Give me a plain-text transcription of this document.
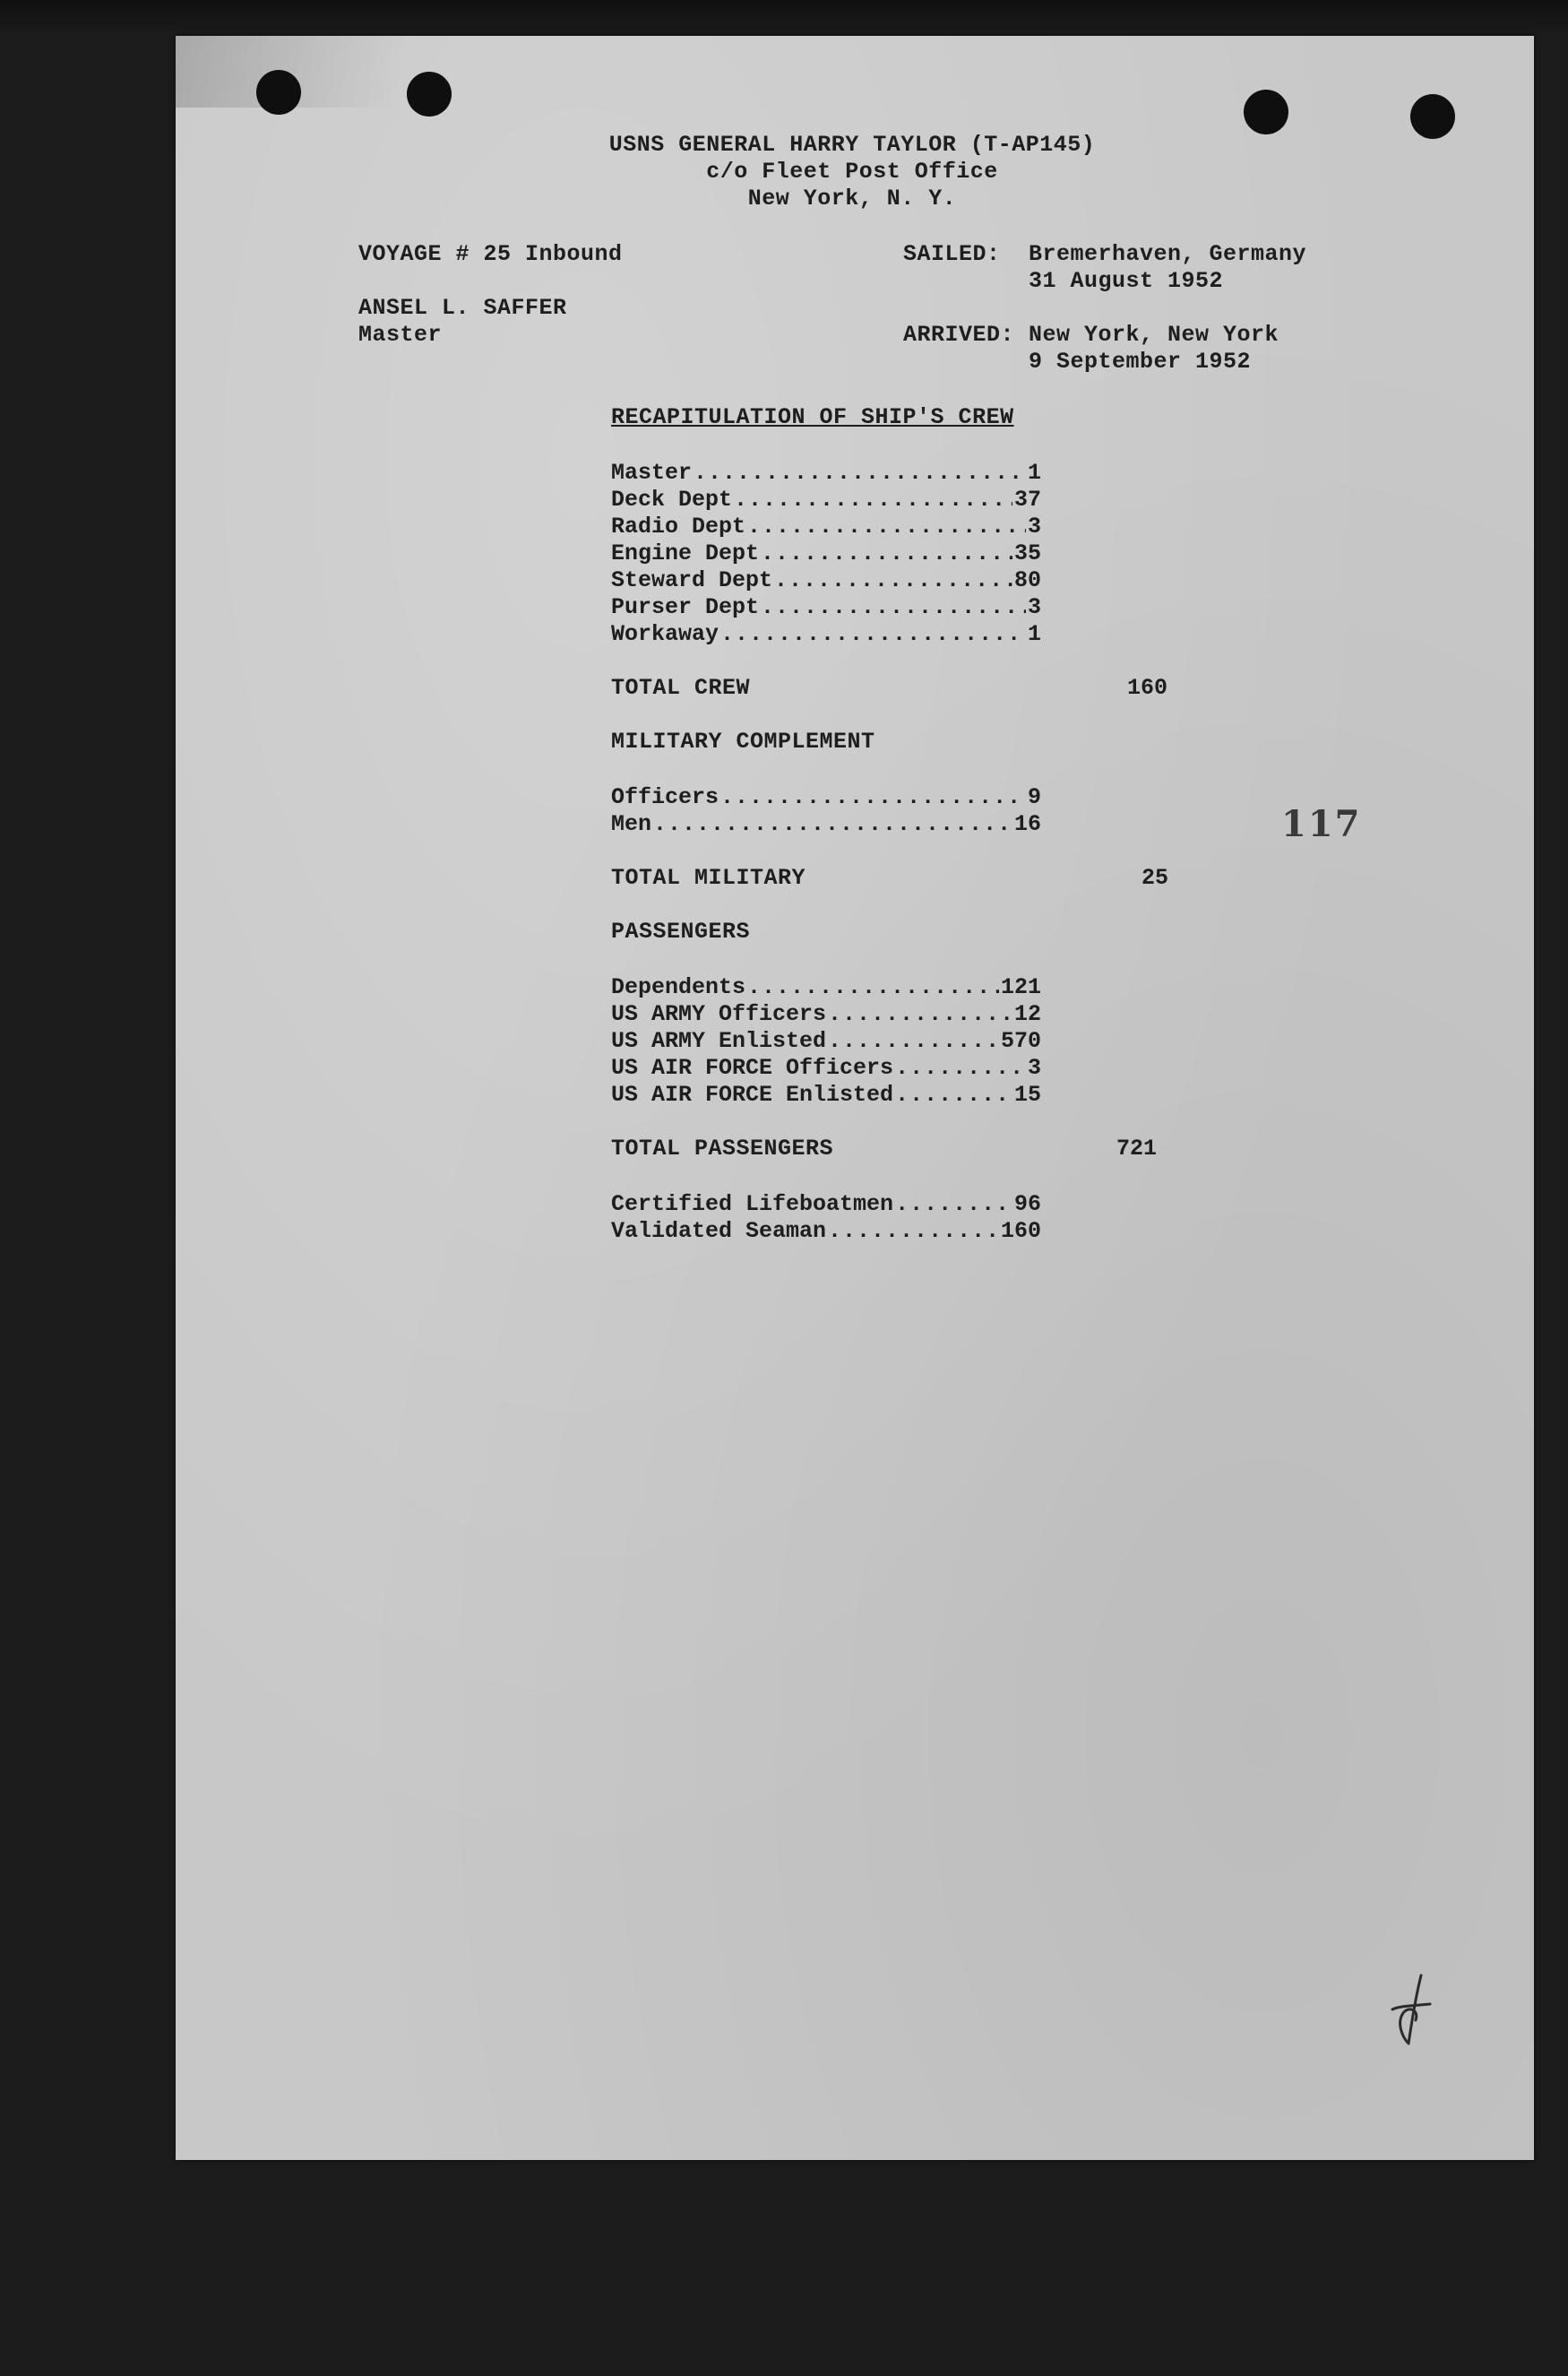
USNS GENERAL HARRY TAYLOR (T-AP145)
c/o Fleet Post Office
New York, N. Y.
VOYAGE # 25 Inbound
ANSEL L. SAFFER
Master
SAILED: Bremerhaven, Germany
31 August 1952
ARRIVED: New York, New York
9 September 1952
RECAPITULATION OF SHIP'S CREW
Master .....	1
Deck Dept .....	37
Radio Dept .....	3
Engine Dept .....	35
Steward Dept .....	80
Purser Dept .....	3
Workaway .....	1
TOTAL CREW	160
MILITARY COMPLEMENT
Officers .....	9
Men .....	16	117
TOTAL MILITARY	25
PASSENGERS
Dependents .....	121
US ARMY Officers .....	12
US ARMY Enlisted .....	570
US AIR FORCE Officers .....	3
US AIR FORCE Enlisted .....	15
TOTAL PASSENGERS	721
Certified Lifeboatmen .....	96
Validated Seaman .....	160
